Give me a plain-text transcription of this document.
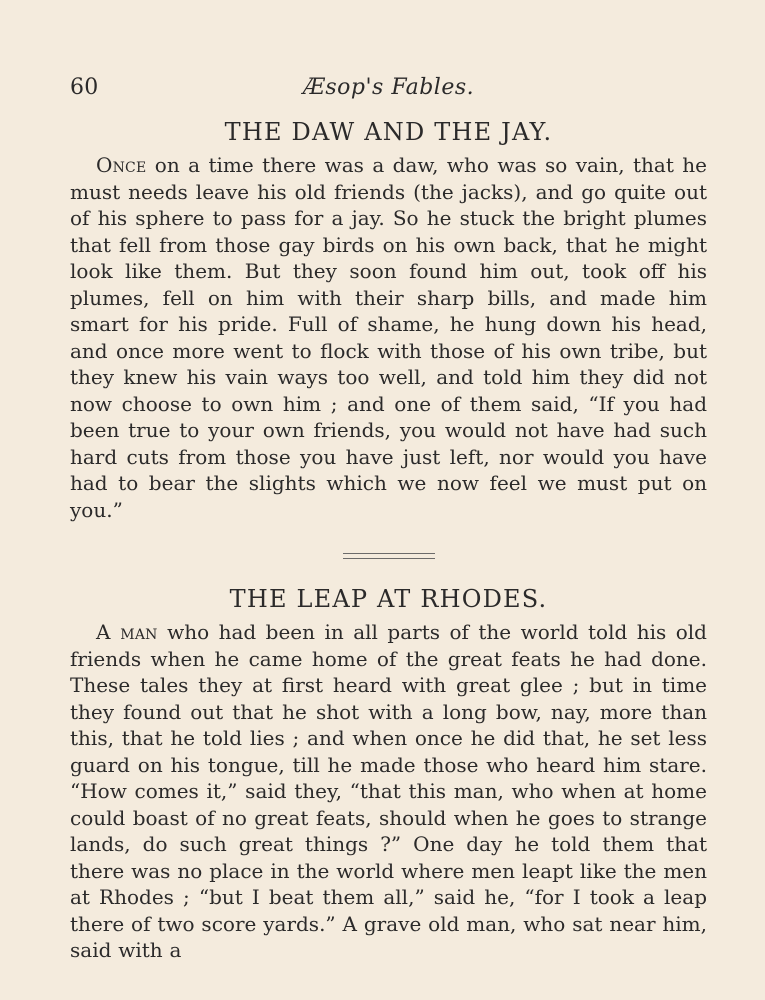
60	Æsop's Fables.
THE DAW AND THE JAY.

Once on a time there was a daw, who was so vain, that he must needs leave his old friends (the jacks), and go quite out of his sphere to pass for a jay. So he stuck the bright plumes that fell from those gay birds on his own back, that he might look like them. But they soon found him out, took off his plumes, fell on him with their sharp bills, and made him smart for his pride. Full of shame, he hung down his head, and once more went to flock with those of his own tribe, but they knew his vain ways too well, and told him they did not now choose to own him ; and one of them said, “If you had been true to your own friends, you would not have had such hard cuts from those you have just left, nor would you have had to bear the slights which we now feel we must put on you.”

THE LEAP AT RHODES.

A man who had been in all parts of the world told his old friends when he came home of the great feats he had done. These tales they at first heard with great glee ; but in time they found out that he shot with a long bow, nay, more than this, that he told lies ; and when once he did that, he set less guard on his tongue, till he made those who heard him stare. “How comes it,” said they, “that this man, who when at home could boast of no great feats, should when he goes to strange lands, do such great things ?” One day he told them that there was no place in the world where men leapt like the men at Rhodes ; “but I beat them all,” said he, “for I took a leap there of two score yards.” A grave old man, who sat near him, said with a
